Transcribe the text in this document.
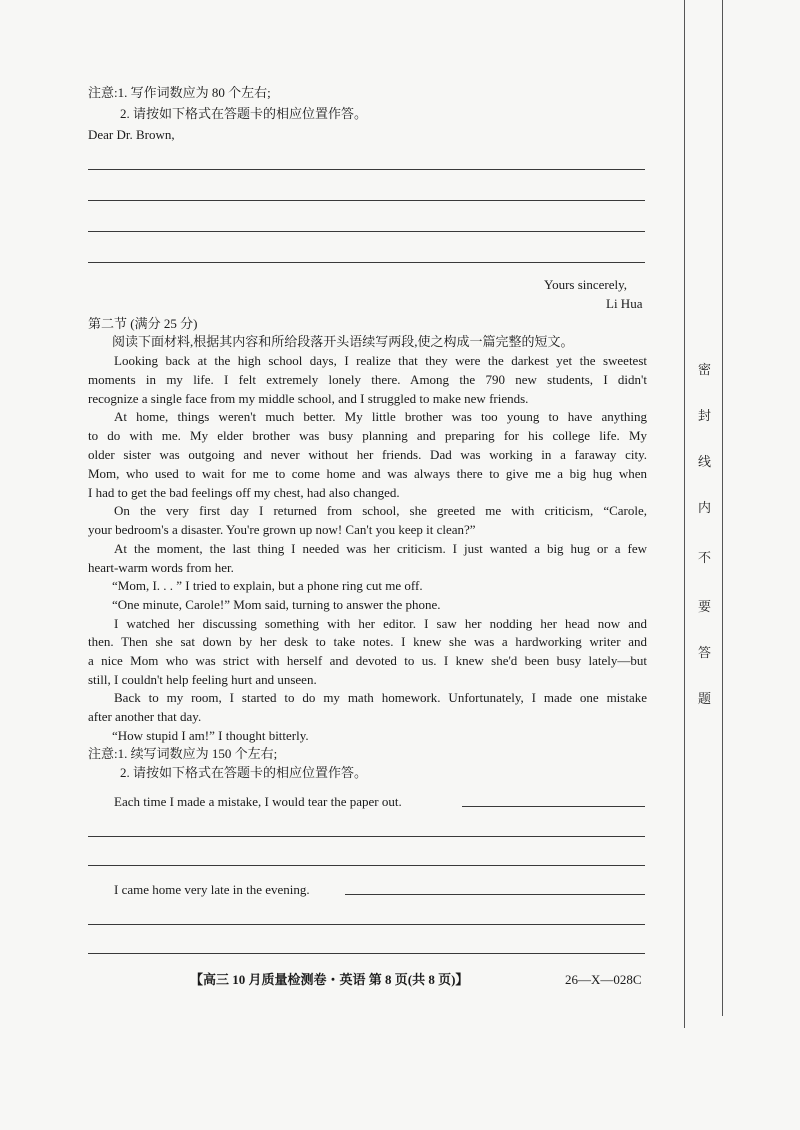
注意:1. 写作词数应为 80 个左右;
2. 请按如下格式在答题卡的相应位置作答。
Dear Dr. Brown,
Yours sincerely,
Li Hua
第二节 (满分 25 分)
阅读下面材料,根据其内容和所给段落开头语续写两段,使之构成一篇完整的短文。
Looking back at the high school days, I realize that they were the darkest yet the sweetest
moments in my life. I felt extremely lonely there. Among the 790 new students, I didn't
recognize a single face from my middle school, and I struggled to make new friends.
At home, things weren't much better. My little brother was too young to have anything
to do with me. My elder brother was busy planning and preparing for his college life. My
older sister was outgoing and never without her friends. Dad was working in a faraway city.
Mom, who used to wait for me to come home and was always there to give me a big hug when
I had to get the bad feelings off my chest, had also changed.
On the very first day I returned from school, she greeted me with criticism, “Carole,
your bedroom's a disaster. You're grown up now! Can't you keep it clean?”
At the moment, the last thing I needed was her criticism. I just wanted a big hug or a few
heart-warm words from her.
“Mom, I. . . ” I tried to explain, but a phone ring cut me off.
“One minute, Carole!” Mom said, turning to answer the phone.
I watched her discussing something with her editor. I saw her nodding her head now and
then. Then she sat down by her desk to take notes. I knew she was a hardworking writer and
a nice Mom who was strict with herself and devoted to us. I knew she'd been busy lately—but
still, I couldn't help feeling hurt and unseen.
Back to my room, I started to do my math homework. Unfortunately, I made one mistake
after another that day.
“How stupid I am!” I thought bitterly.
注意:1. 续写词数应为 150 个左右;
2. 请按如下格式在答题卡的相应位置作答。
Each time I made a mistake, I would tear the paper out.
I came home very late in the evening.
【高三 10 月质量检测卷・英语 第 8 页(共 8 页)】	26—X—028C
密
封
线
内
不
要
答
题
